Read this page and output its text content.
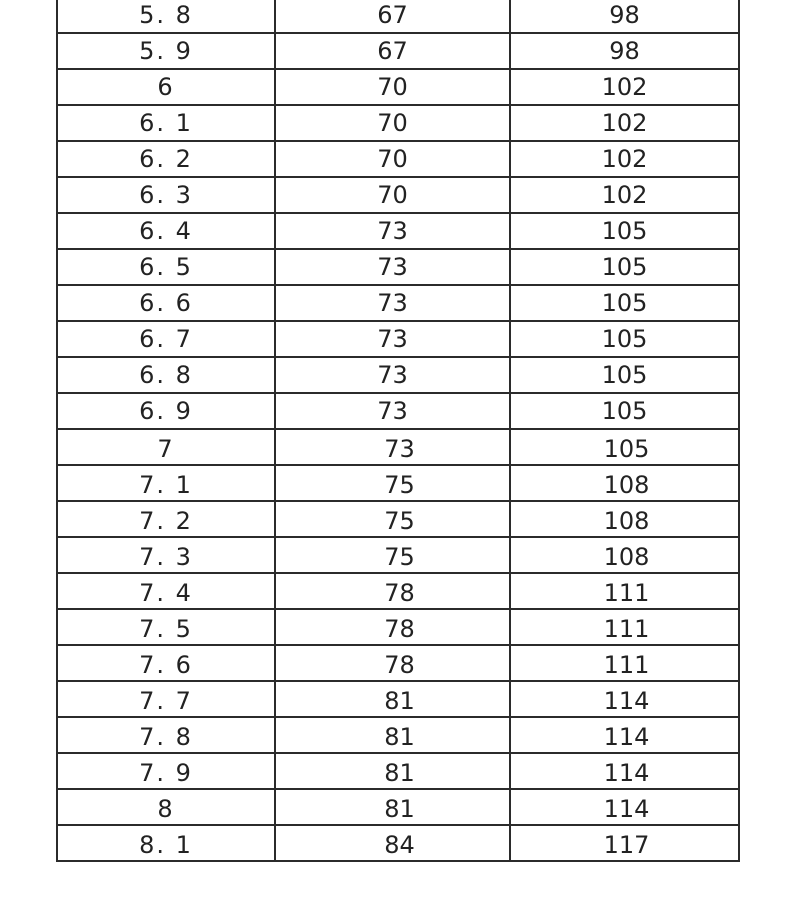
5. 8	67	98
5. 9	67	98
6	70	102
6. 1	70	102
6. 2	70	102
6. 3	70	102
6. 4	73	105
6. 5	73	105
6. 6	73	105
6. 7	73	105
6. 8	73	105
6. 9	73	105
7	73	105
7. 1	75	108
7. 2	75	108
7. 3	75	108
7. 4	78	111
7. 5	78	111
7. 6	78	111
7. 7	81	114
7. 8	81	114
7. 9	81	114
8	81	114
8. 1	84	117
